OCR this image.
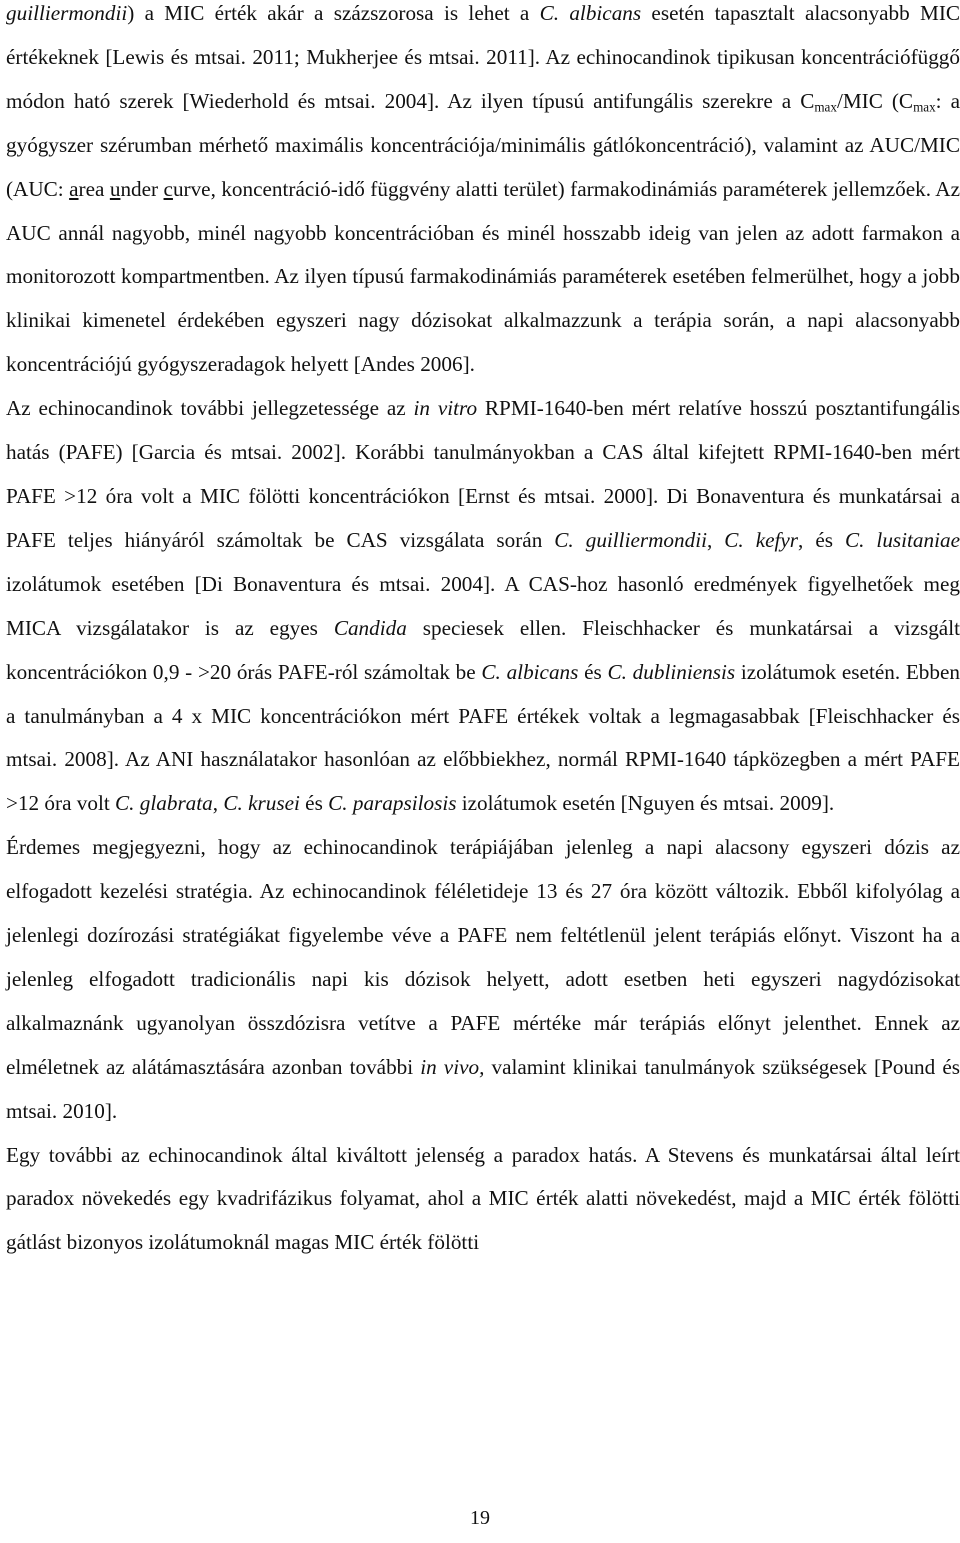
guilliermondii) a MIC érték akár a százszorosa is lehet a C. albicans esetén tapasztalt alacsonyabb MIC értékeknek [Lewis és mtsai. 2011; Mukherjee és mtsai. 2011]. Az echinocandinok tipikusan koncentrációfüggő módon ható szerek [Wiederhold és mtsai. 2004]. Az ilyen típusú antifungális szerekre a $C_{max}$/MIC ($C_{max}$: a gyógyszer szérumban mérhető maximális koncentrációja/minimális gátlókoncentráció), valamint az AUC/MIC (AUC: area under curve, koncentráció-idő függvény alatti terület) farmakodinámiás paraméterek jellemzőek. Az AUC annál nagyobb, minél nagyobb koncentrációban és minél hosszabb ideig van jelen az adott farmakon a monitorozott kompartmentben. Az ilyen típusú farmakodinámiás paraméterek esetében felmerülhet, hogy a jobb klinikai kimenetel érdekében egyszeri nagy dózisokat alkalmazzunk a terápia során, a napi alacsonyabb koncentrációjú gyógyszeradagok helyett [Andes 2006].

Az echinocandinok további jellegzetessége az in vitro RPMI-1640-ben mért relatíve hosszú posztantifungális hatás (PAFE) [Garcia és mtsai. 2002]. Korábbi tanulmányokban a CAS által kifejtett RPMI-1640-ben mért PAFE >12 óra volt a MIC fölötti koncentrációkon [Ernst és mtsai. 2000]. Di Bonaventura és munkatársai a PAFE teljes hiányáról számoltak be CAS vizsgálata során C. guilliermondii, C. kefyr, és C. lusitaniae izolátumok esetében [Di Bonaventura és mtsai. 2004]. A CAS-hoz hasonló eredmények figyelhetőek meg MICA vizsgálatakor is az egyes Candida speciesek ellen. Fleischhacker és munkatársai a vizsgált koncentrációkon 0,9 - >20 órás PAFE-ról számoltak be C. albicans és C. dubliniensis izolátumok esetén. Ebben a tanulmányban a 4 x MIC koncentrációkon mért PAFE értékek voltak a legmagasabbak [Fleischhacker és mtsai. 2008]. Az ANI használatakor hasonlóan az előbbiekhez, normál RPMI-1640 tápközegben a mért PAFE >12 óra volt C. glabrata, C. krusei és C. parapsilosis izolátumok esetén [Nguyen és mtsai. 2009].

Érdemes megjegyezni, hogy az echinocandinok terápiájában jelenleg a napi alacsony egyszeri dózis az elfogadott kezelési stratégia. Az echinocandinok féléletideje 13 és 27 óra között változik. Ebből kifolyólag a jelenlegi dozírozási stratégiákat figyelembe véve a PAFE nem feltétlenül jelent terápiás előnyt. Viszont ha a jelenleg elfogadott tradicionális napi kis dózisok helyett, adott esetben heti egyszeri nagydózisokat alkalmaznánk ugyanolyan összdózisra vetítve a PAFE mértéke már terápiás előnyt jelenthet. Ennek az elméletnek az alátámasztására azonban további in vivo, valamint klinikai tanulmányok szükségesek [Pound és mtsai. 2010].

Egy további az echinocandinok által kiváltott jelenség a paradox hatás. A Stevens és munkatársai által leírt paradox növekedés egy kvadrifázikus folyamat, ahol a MIC érték alatti növekedést, majd a MIC érték fölötti gátlást bizonyos izolátumoknál magas MIC érték fölötti

19
